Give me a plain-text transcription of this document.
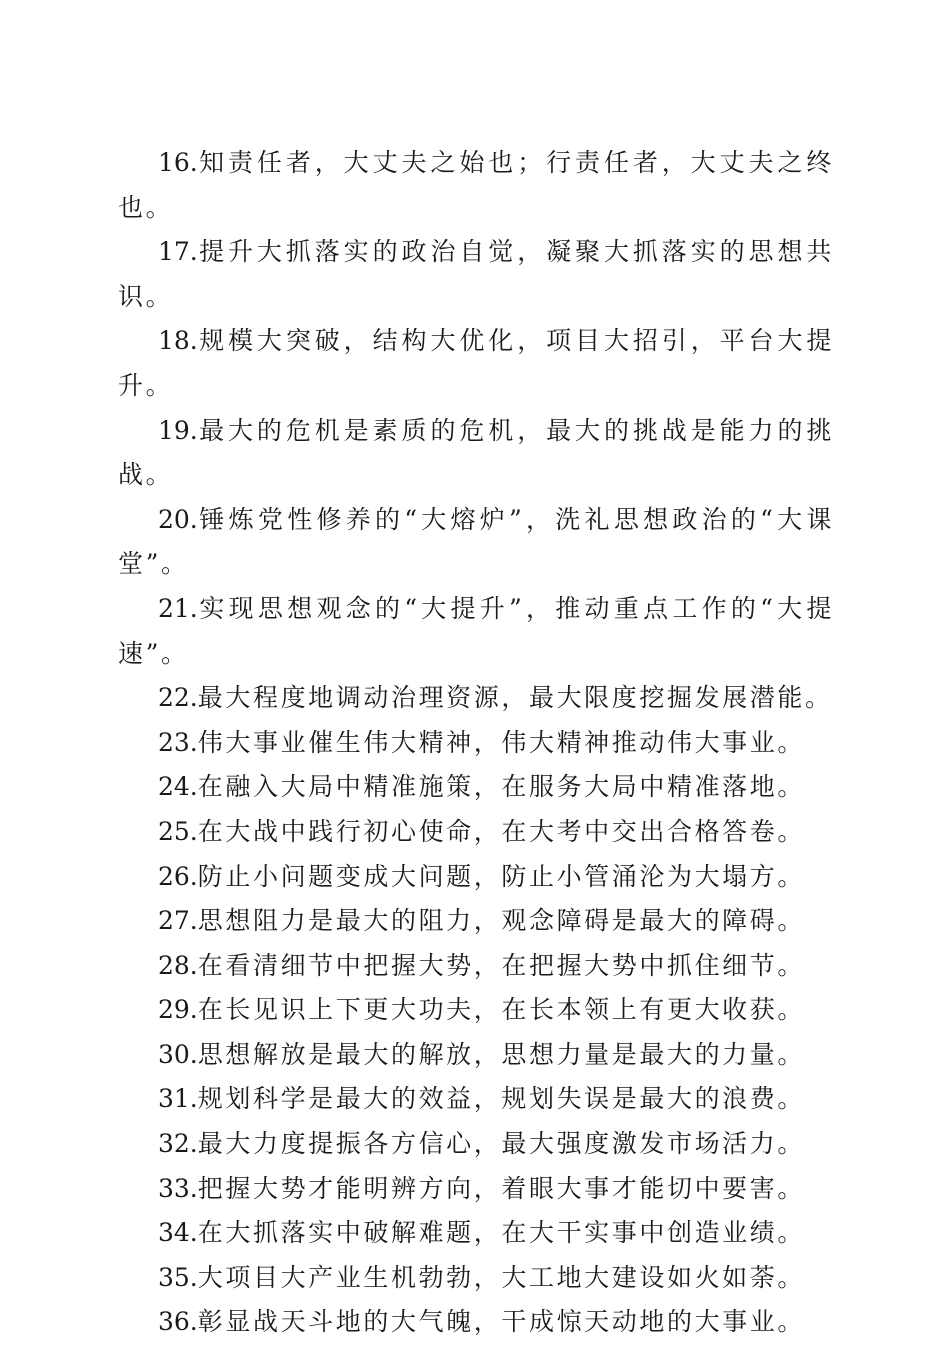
16.知责任者，大丈夫之始也；行责任者，大丈夫之终也。

17.提升大抓落实的政治自觉，凝聚大抓落实的思想共识。

18.规模大突破，结构大优化，项目大招引，平台大提升。

19.最大的危机是素质的危机，最大的挑战是能力的挑战。

20.锤炼党性修养的“大熔炉”，洗礼思想政治的“大课堂”。

21.实现思想观念的“大提升”，推动重点工作的“大提速”。

22.最大程度地调动治理资源，最大限度挖掘发展潜能。

23.伟大事业催生伟大精神，伟大精神推动伟大事业。

24.在融入大局中精准施策，在服务大局中精准落地。

25.在大战中践行初心使命，在大考中交出合格答卷。

26.防止小问题变成大问题，防止小管涌沦为大塌方。

27.思想阻力是最大的阻力，观念障碍是最大的障碍。

28.在看清细节中把握大势，在把握大势中抓住细节。

29.在长见识上下更大功夫，在长本领上有更大收获。

30.思想解放是最大的解放，思想力量是最大的力量。

31.规划科学是最大的效益，规划失误是最大的浪费。

32.最大力度提振各方信心，最大强度激发市场活力。

33.把握大势才能明辨方向，着眼大事才能切中要害。

34.在大抓落实中破解难题，在大干实事中创造业绩。

35.大项目大产业生机勃勃，大工地大建设如火如荼。

36.彰显战天斗地的大气魄，干成惊天动地的大事业。
